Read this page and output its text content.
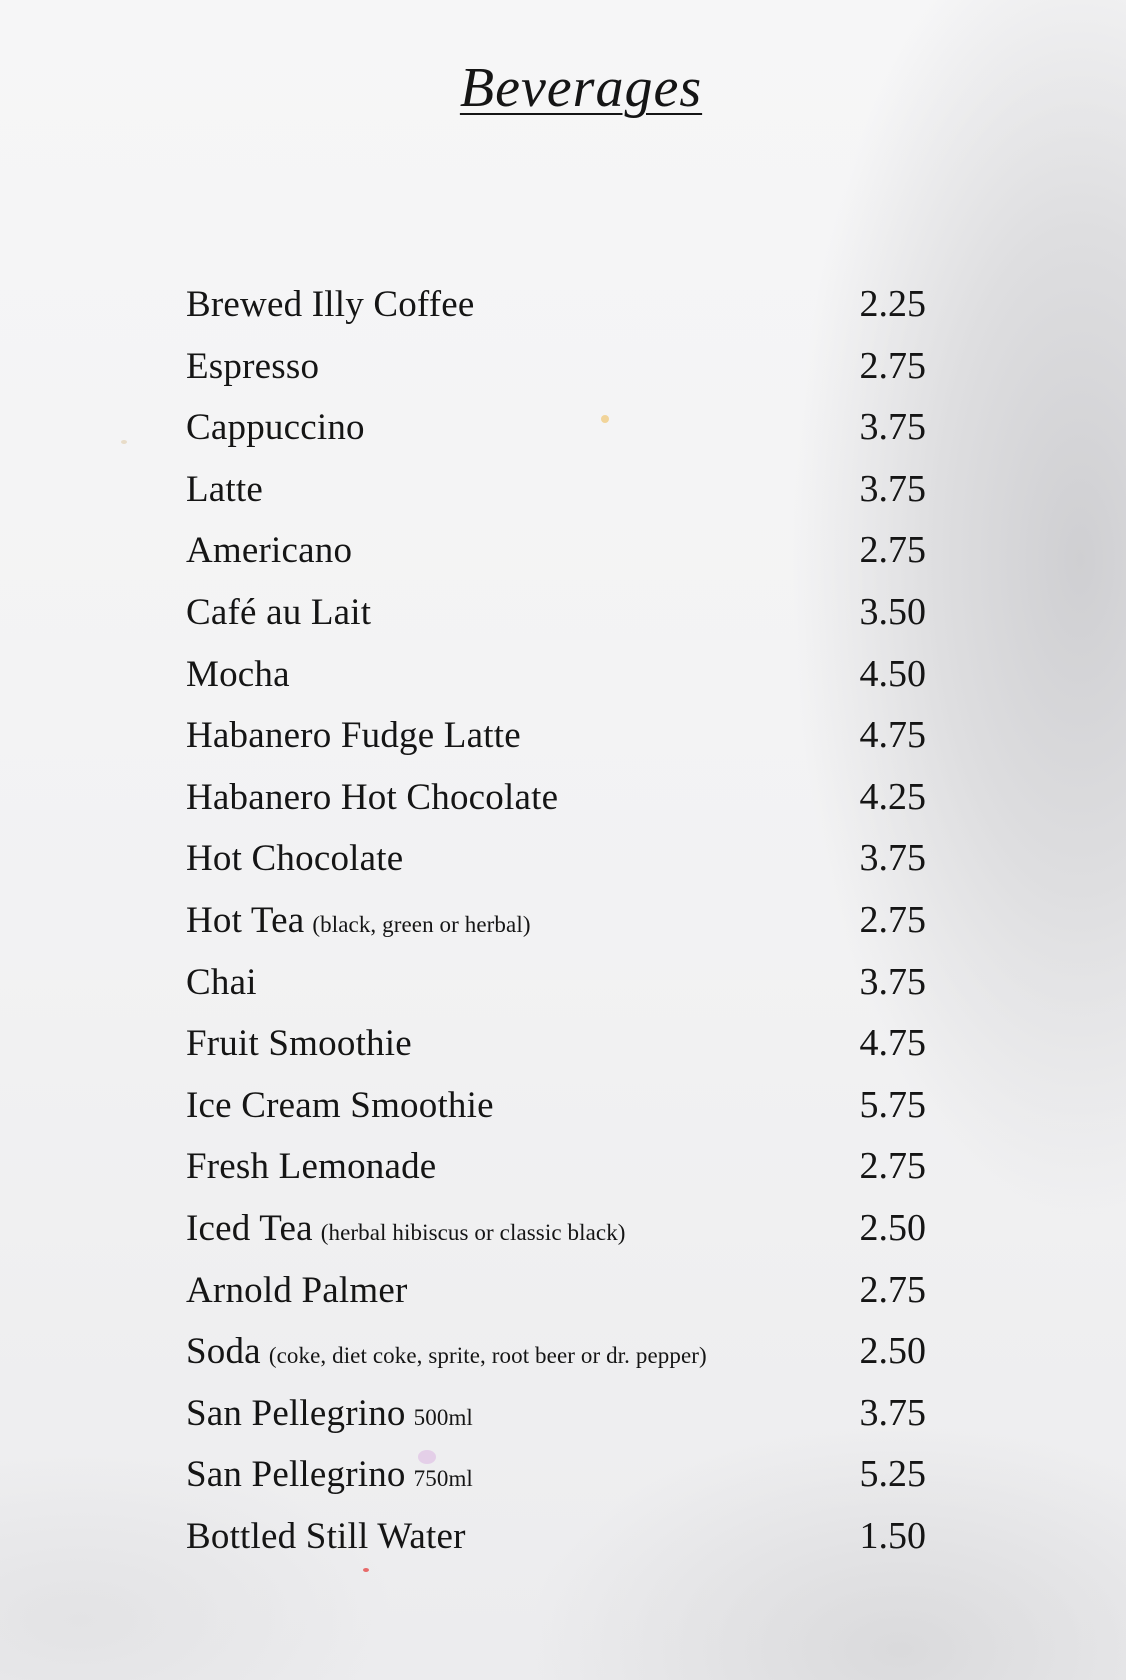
Beverages
Brewed Illy Coffee	2.25
Espresso	2.75
Cappuccino	3.75
Latte	3.75
Americano	2.75
Café au Lait	3.50
Mocha	4.50
Habanero Fudge Latte	4.75
Habanero Hot Chocolate	4.25
Hot Chocolate	3.75
Hot Tea (black, green or herbal)	2.75
Chai	3.75
Fruit Smoothie	4.75
Ice Cream Smoothie	5.75
Fresh Lemonade	2.75
Iced Tea (herbal hibiscus or classic black)	2.50
Arnold Palmer	2.75
Soda (coke, diet coke, sprite, root beer or dr. pepper)	2.50
San Pellegrino 500ml	3.75
San Pellegrino 750ml	5.25
Bottled Still Water	1.50
